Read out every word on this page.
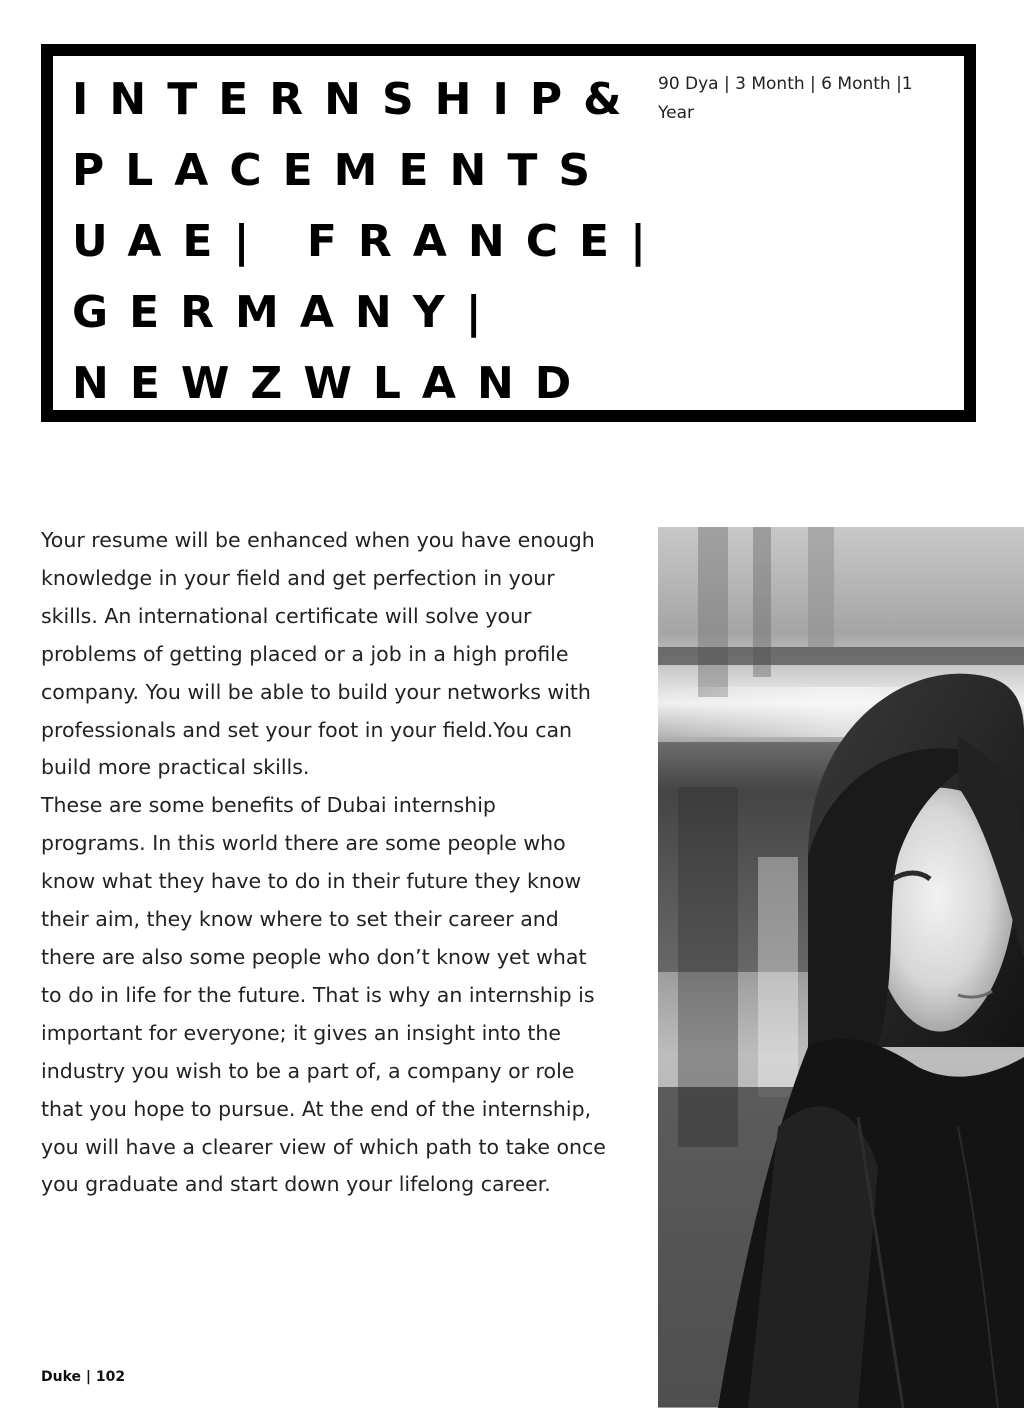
INTERNSHIP&
PLACEMENTS
UAE| FRANCE|
GERMANY|
NEWZWLAND
90 Dya | 3 Month | 6 Month |1 Year

Your resume will be enhanced when you have enough knowledge in your field and get perfection in your skills. An international certificate will solve your problems of getting placed or a job in a high profile company. You will be able to build your networks with professionals and set your foot in your field.You can build more practical skills.

These are some benefits of Dubai internship programs. In this world there are some people who know what they have to do in their future they know their aim, they know where to set their career and there are also some people who don’t know yet what to do in life for the future. That is why an internship is important for everyone; it gives an insight into the industry you wish to be a part of, a company or role that you hope to pursue. At the end of the internship, you will have a clearer view of which path to take once you graduate and start down your lifelong career.

Duke | 102
